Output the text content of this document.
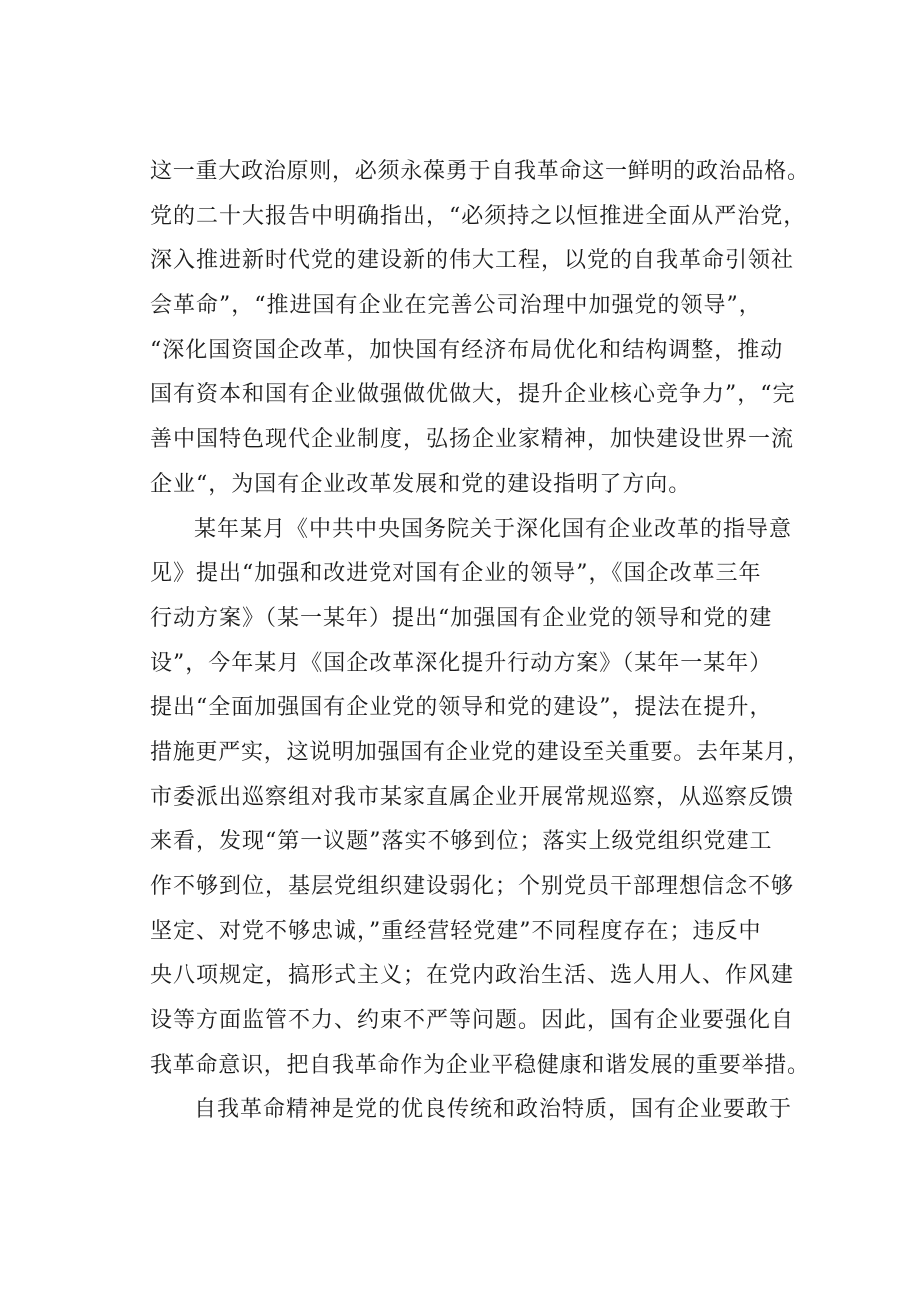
这一重大政治原则，必须永葆勇于自我革命这一鲜明的政治品格。
党的二十大报告中明确指出，“必须持之以恒推进全面从严治党，
深入推进新时代党的建设新的伟大工程，以党的自我革命引领社
会革命”，“推进国有企业在完善公司治理中加强党的领导”，
“深化国资国企改革，加快国有经济布局优化和结构调整，推动
国有资本和国有企业做强做优做大，提升企业核心竞争力”，“完
善中国特色现代企业制度，弘扬企业家精神，加快建设世界一流
企业“，为国有企业改革发展和党的建设指明了方向。
某年某月《中共中央国务院关于深化国有企业改革的指导意
见》提出“加强和改进党对国有企业的领导”，《国企改革三年
行动方案》（某一某年）提出“加强国有企业党的领导和党的建
设”，今年某月《国企改革深化提升行动方案》（某年一某年）
提出“全面加强国有企业党的领导和党的建设”，提法在提升，
措施更严实，这说明加强国有企业党的建设至关重要。去年某月，
市委派出巡察组对我市某家直属企业开展常规巡察，从巡察反馈
来看，发现“第一议题”落实不够到位；落实上级党组织党建工
作不够到位，基层党组织建设弱化；个别党员干部理想信念不够
坚定、对党不够忠诚，”重经营轻党建”不同程度存在；违反中
央八项规定，搞形式主义；在党内政治生活、选人用人、作风建
设等方面监管不力、约束不严等问题。因此，国有企业要强化自
我革命意识，把自我革命作为企业平稳健康和谐发展的重要举措。
自我革命精神是党的优良传统和政治特质，国有企业要敢于
